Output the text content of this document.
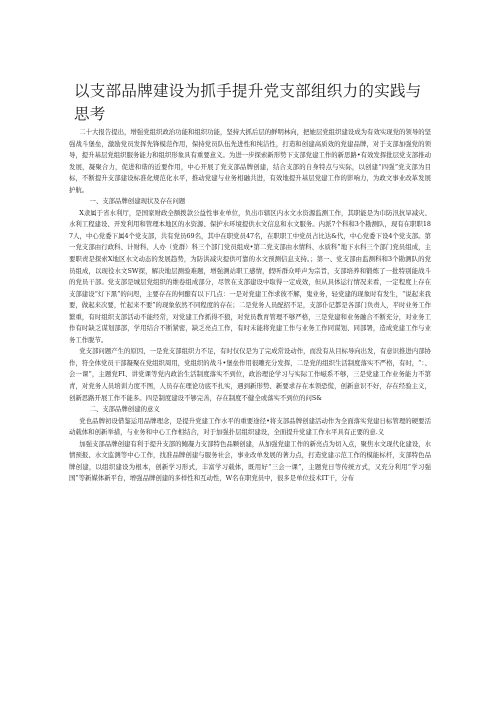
以支部品牌建设为抓手提升党支部组织力的实践与思考

二十大报告提出，增强党组织政治功能和组织功能，坚持大抓后层的鲜明林向，把她层党组织建设成为有效实现党的领导的坚强战斗堡垒，激励党员发挥先锋模范作用，保持党员队伍先进性和纯洁性，打造和创建高质效的党建品牌，对于支部加强党的领导，提升基层党组织服务能力和组织形象具有重要意义。为进一步探索新形势下支部党建工作的新思路•有效发挥批层党支部推动发展，凝聚合力，促进和谐的近要作用，中心开展了党支部品牌创建，结合支部的自身特点与实际，以创建“四强”党支部为目标，不断提升支部建设标准化规范化水平，推动党建与业务相融共进，有效地提升基层党建工作的影响力，为政文事业改革发展护航。

一、支部品牌创建现状及存在问题

X隶属于省水利厅，是国家财政全额拨款公益性事业单位，负出市辖区内水文水资源监测工作，其职能是为巾防汛抗旱减灾、水利工程建设、开发利用和管理本地区的水资源、保护水环境提供水文信息和水文服务。内派7个科和3个勘测队，现有在职职187人，中心党委下属4个党支部，共有党员69名，其中在职党员47名，在职职工中党员占比达&代，中心党委下设4个党支部。第一党支部由行政科、计财科、人办（党群）科三个部门党员组成•第二党支部由水情科、水质科”地下水科三个部门党员组成，主要职责是探索X地区水文动态的发展趋势，为防洪减灾提供可靠的水文预测信息支持。；第一、党支部由监测科和3个勘测队的党员组成，以现役水文SW探，解决地层测验难题，增强测站职工感情，假听群众呼声为宗旨，支部培养和锻炼了一批特别能战斗的党员干部。党支部是城层党组织的维卷组成部分，尽管在支部建设中取得一定成效，但从具体运行情况来看，一定程度上存在支部建设“灯下黑”的问咫，主要存在的何酿有以下几点：一是对党建工作求彼不解，鬼业务，轻党建的现象时有发生，“说起来我要，做起来次要，忙起来不要”的现象依然不同程度的存在；二是党务人员配招不足，支部仆记都是各部门负责人，平时业务工作繁重，有时组织支部活动不能经常，对党建工作抓得不狼，对党员教育管理不够严格，三是党建和业务融合不断充分，对业务工作有时缺乏谋划部部，学用结合不断紧密，缺乏亮点工作，有时未能将党建工作与业务工作同谋划、同部署，造成党建工作与业务工作脱节。

党支部问题产生的原因，一是党支部组织力不足，有时仅仅是为了完成常设动作，而没有从目标导向出发，有意识推进内部协作，符全体党员干部凝聚在党组织周用，党组织的战斗•堡垒作用很雕充分发挥，二是党的组织生活制度落实不严格，有时，“：、会一课”，主题党FI、讲党课等党内政治生活制度落实不到位，政治理论学习与实际工作嵫系不够，三是党建工作业务能力不第青，对党务人员培训力度不图，人员存在理论功底不扎实，遇到新形势、新要求存在本领恐慌，创新意识不好，存在经验主义，创新思路开展工作不能多。四是制度建设不够完善，存在制度不健全或落实不到位的问S&

二、支部品牌创建的意义

党也品牌初设借鉴运用品牌理念，是提升党建工作水平的重要途径•将支部品牌创建活动作为全面落实党建日标管理的硬要活动载体和创新举措，与业务和中心工作相结合，对于加强扑层组织建设，全面提升党建工作水平具有正要的意.义

加强支部品牌创建有利于提升支部的鲍凝力支部特色品颗创建，从加强党建工作的新亮点为切入点，聚焦水文现代化建设，水情预报、水文监测等中心工作，找准品牌创建与服务社会，事业改单发展的著力点，打造党建示范工作的模能标杆，支部特色品牌创建，以组织建设为根本，创新学习形式，丰富学习载体，既用好“三会一课”，主题党日等传统方式，又充分利用“学习强国”等新媒体新平台，增强品牌创建的多样性和互动性，W名在职党员中，很多是单位技术IT干，分布
